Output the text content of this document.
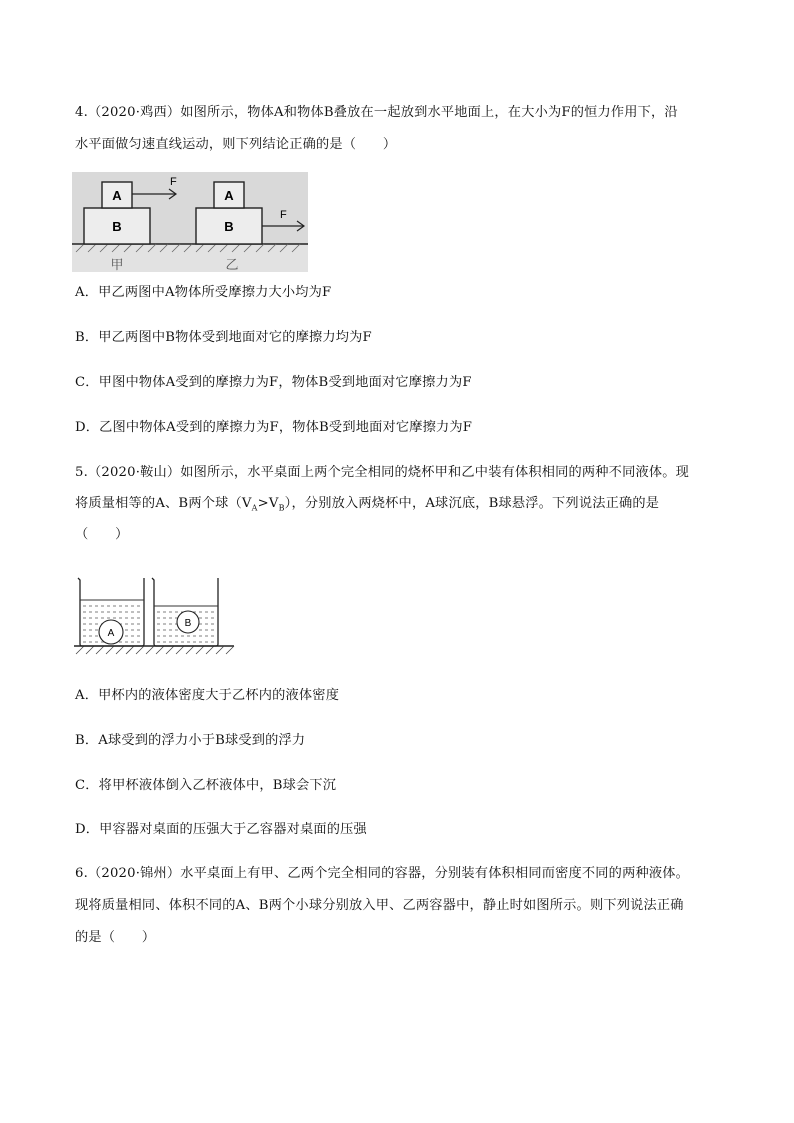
4.（2020·鸡西）如图所示，物体A和物体B叠放在一起放到水平地面上，在大小为F的恒力作用下，沿
水平面做匀速直线运动，则下列结论正确的是（　　）
A
B
F
甲
A
B
F
乙
A．甲乙两图中A物体所受摩擦力大小均为F
B．甲乙两图中B物体受到地面对它的摩擦力均为F
C．甲图中物体A受到的摩擦力为F，物体B受到地面对它摩擦力为F
D．乙图中物体A受到的摩擦力为F，物体B受到地面对它摩擦力为F
5.（2020·鞍山）如图所示，水平桌面上两个完全相同的烧杯甲和乙中装有体积相同的两种不同液体。现
将质量相等的A、B两个球$(V_A>V_B)$，分别放入两烧杯中，A球沉底，B球悬浮。下列说法正确的是
（　　）
A
B
A．甲杯内的液体密度大于乙杯内的液体密度
B．A球受到的浮力小于B球受到的浮力
C．将甲杯液体倒入乙杯液体中，B球会下沉
D．甲容器对桌面的压强大于乙容器对桌面的压强
6.（2020·锦州）水平桌面上有甲、乙两个完全相同的容器，分别装有体积相同而密度不同的两种液体。
现将质量相同、体积不同的A、B两个小球分别放入甲、乙两容器中，静止时如图所示。则下列说法正确
的是（　　）
